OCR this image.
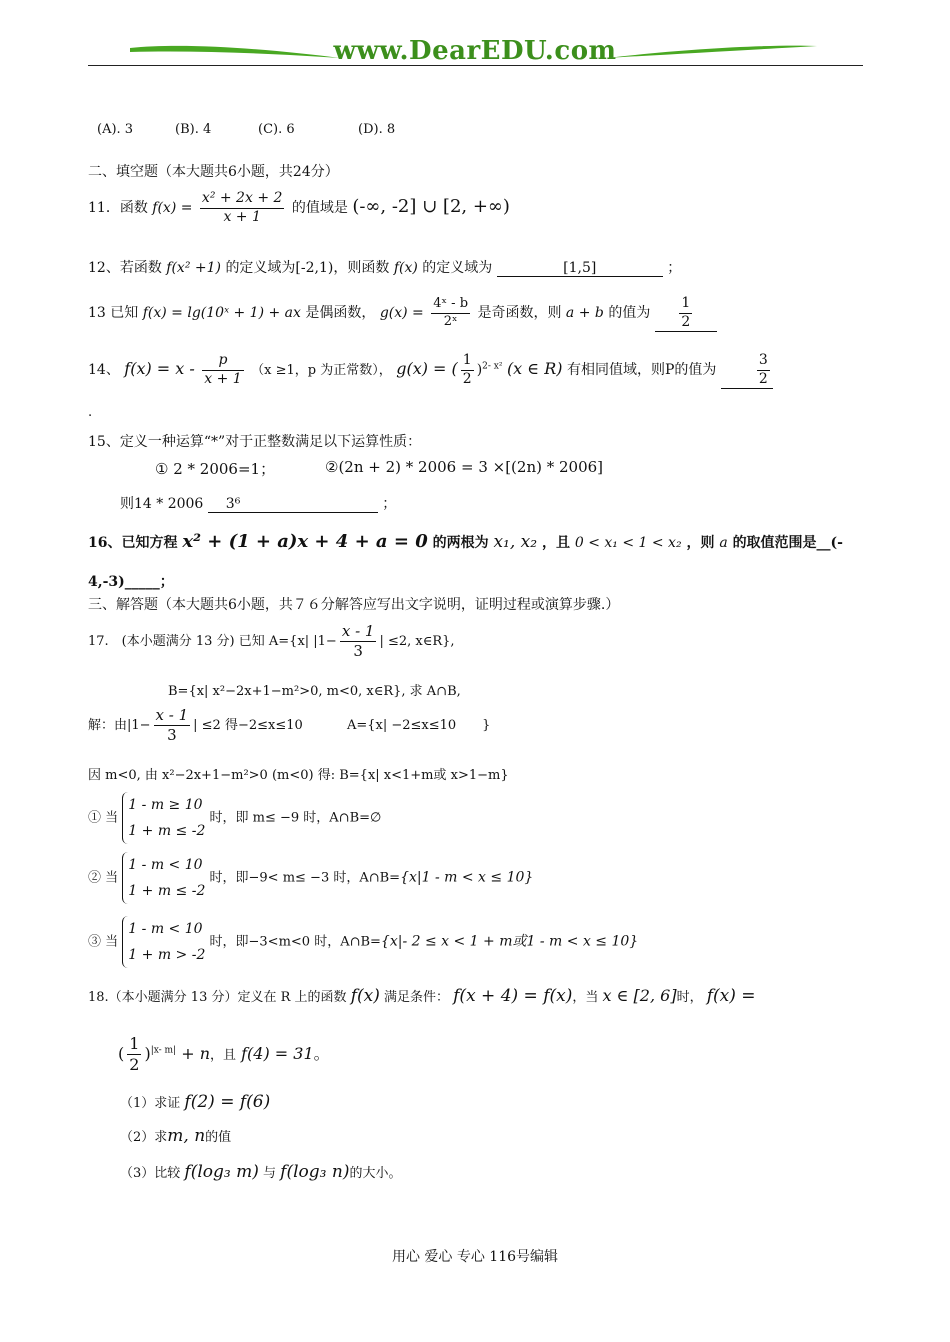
www.DearEDU.com
(A). 3	(B). 4	(C). 6	(D). 8
二、填空题（本大题共6小题，共24分）
11．函数 $f(x) = \frac{\text{x² + 2x + 2}}{x + 1}$ 的值域是 (-∞, -2] ∪ [2, +∞)
12、若函数 f(x² +1) 的定义域为[-2,1)，则函数 f(x) 的定义域为	[1,5]	；
13 已知 f(x) = lg(10ˣ + 1) + ax 是偶函数， $g(x) = \frac{\text{4ˣ - b}}{\text{2ˣ}}$ 是奇函数，则 a + b 的值为 $\frac{1}{2}$
14、 $f(x) = x - \frac{p}{x + 1} (x \ge 1$，p 为正常数）， g(x) = ( $\frac{1}{2} )^{2- x^2}$ (x ∈ R) 有相同值域，则P的值为	$\frac{3}{2}$
.
15、定义一种运算“*”对于正整数满足以下运算性质：
① 2 * 2006=1；	②(2n + 2) * 2006 = 3 ×[(2n) * 2006]
则14 * 2006 3⁶	；
16、已知方程 x² + (1 + a)x + 4 + a = 0 的两根为 x₁, x₂ ，且 0 < x₁ < 1 < x₂ ，则 a 的取值范围是__(-
4,-3)_____；
三、解答题（本大题共6小题，共７６分解答应写出文字说明，证明过程或演算步骤.）
17.　(本小题满分 13 分) 已知 A={x| $|1- \frac{x - 1}{3}$ | ≤2, x∈R},
B={x| x²−2x+1−m²>0, m<0, x∈R}, 求 A∩B,
解：由$|1- \frac{x - 1}{3}$ | ≤2 得−2≤x≤10	A={x| −2≤x≤10　　}
因 m<0, 由 x²−2x+1−m²>0 (m<0) 得: B={x| x<1+m或 x>1−m}
① 当
1 - m ≥ 10
1 + m ≤ -2
时，即 m≤ −9 时，A∩B=∅
② 当
1 - m < 10
1 + m ≤ -2
时，即−9< m≤ −3 时，A∩B={x|1 - m < x ≤ 10}
③ 当
1 - m < 10
1 + m > -2
时，即−3<m<0 时，A∩B={x|- 2 ≤ x < 1 + m或1 - m < x ≤ 10}
18.（本小题满分 13 分）定义在 R 上的函数 f(x) 满足条件： f(x + 4) = f(x)，当 x ∈ [2, 6]时， f(x) =
( $\frac{1}{2} )^{|x- m|} + n$，且 f(4) = 31。
（1）求证 f(2) = f(6)
（2）求m, n的值
（3）比较 f(log₃ m) 与 f(log₃ n)的大小。
用心 爱心 专心 116号编辑
